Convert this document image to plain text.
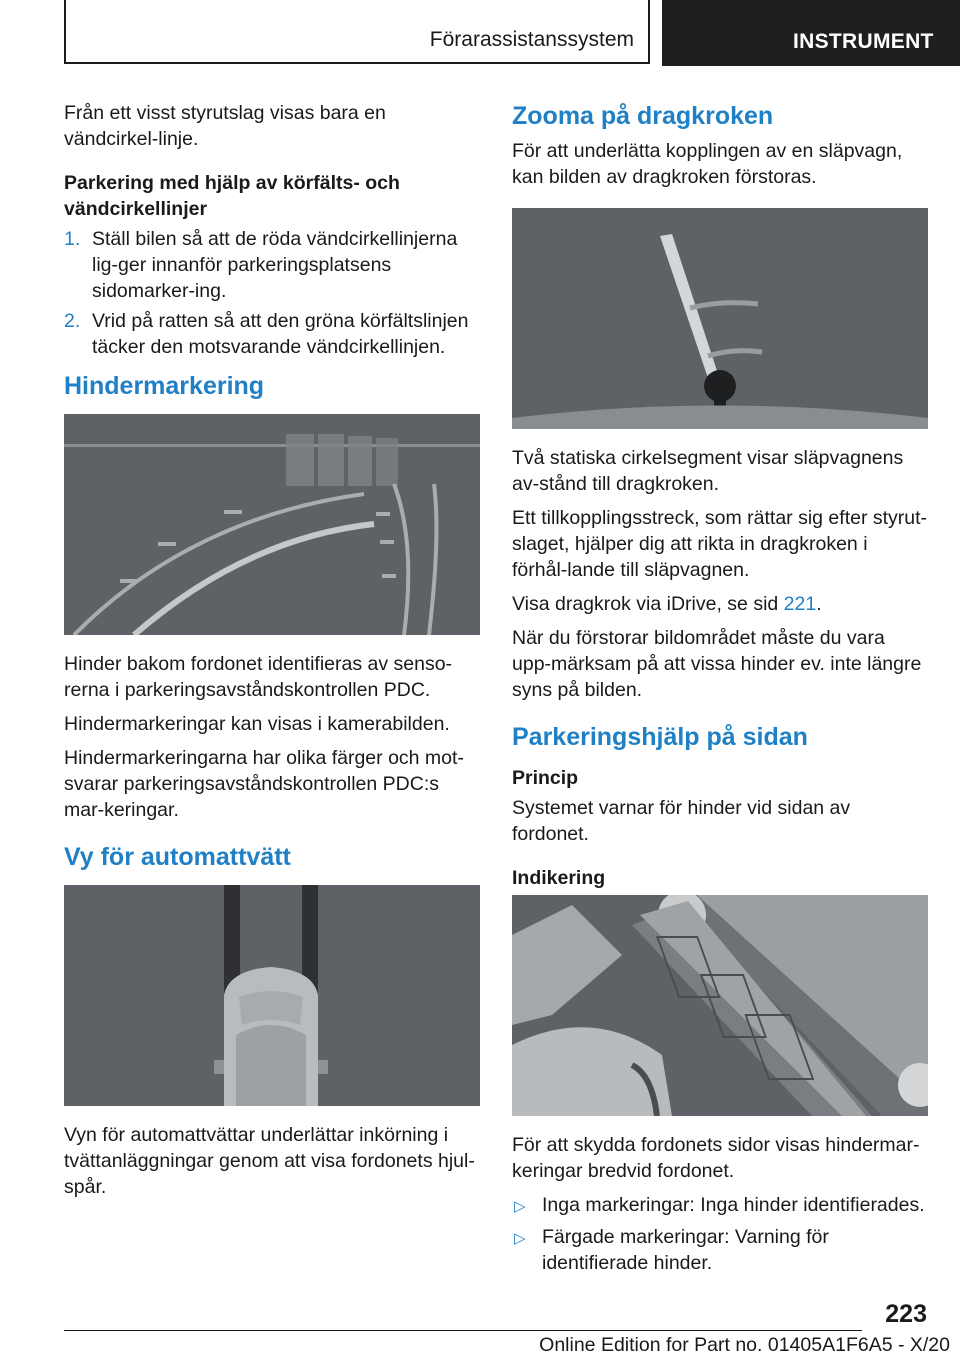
Förarassistanssystem	INSTRUMENT

Från ett visst styrutslag visas bara en vändcirkel-linje.

Parkering med hjälp av körfälts- och vändcirkellinjer
1. Ställ bilen så att de röda vändcirkellinjerna lig-ger innanför parkeringsplatsens sidomarker-ing.
2. Vrid på ratten så att den gröna körfältslinjen täcker den motsvarande vändcirkellinjen.
Hindermarkering

Hinder bakom fordonet identifieras av senso-rerna i parkeringsavståndskontrollen PDC.

Hindermarkeringar kan visas i kamerabilden.

Hindermarkeringarna har olika färger och mot-svarar parkeringsavståndskontrollen PDC:s mar-keringar.

Vy för automattvätt

Vyn för automattvättar underlättar inkörning i tvättanläggningar genom att visa fordonets hjul-spår.

Zooma på dragkroken

För att underlätta kopplingen av en släpvagn, kan bilden av dragkroken förstoras.

Två statiska cirkelsegment visar släpvagnens av-stånd till dragkroken.

Ett tillkopplingsstreck, som rättar sig efter styrut-slaget, hjälper dig att rikta in dragkroken i förhål-lande till släpvagnen.

Visa dragkrok via iDrive, se sid 221.

När du förstorar bildområdet måste du vara upp-märksam på att vissa hinder ev. inte längre syns på bilden.

Parkeringshjälp på sidan
Princip

Systemet varnar för hinder vid sidan av fordonet.

Indikering

För att skydda fordonets sidor visas hindermar-keringar bredvid fordonet.

▷ Inga markeringar: Inga hinder identifierades.
▷ Färgade markeringar: Varning för identifierade hinder.
223
Online Edition for Part no. 01405A1F6A5 - X/20
